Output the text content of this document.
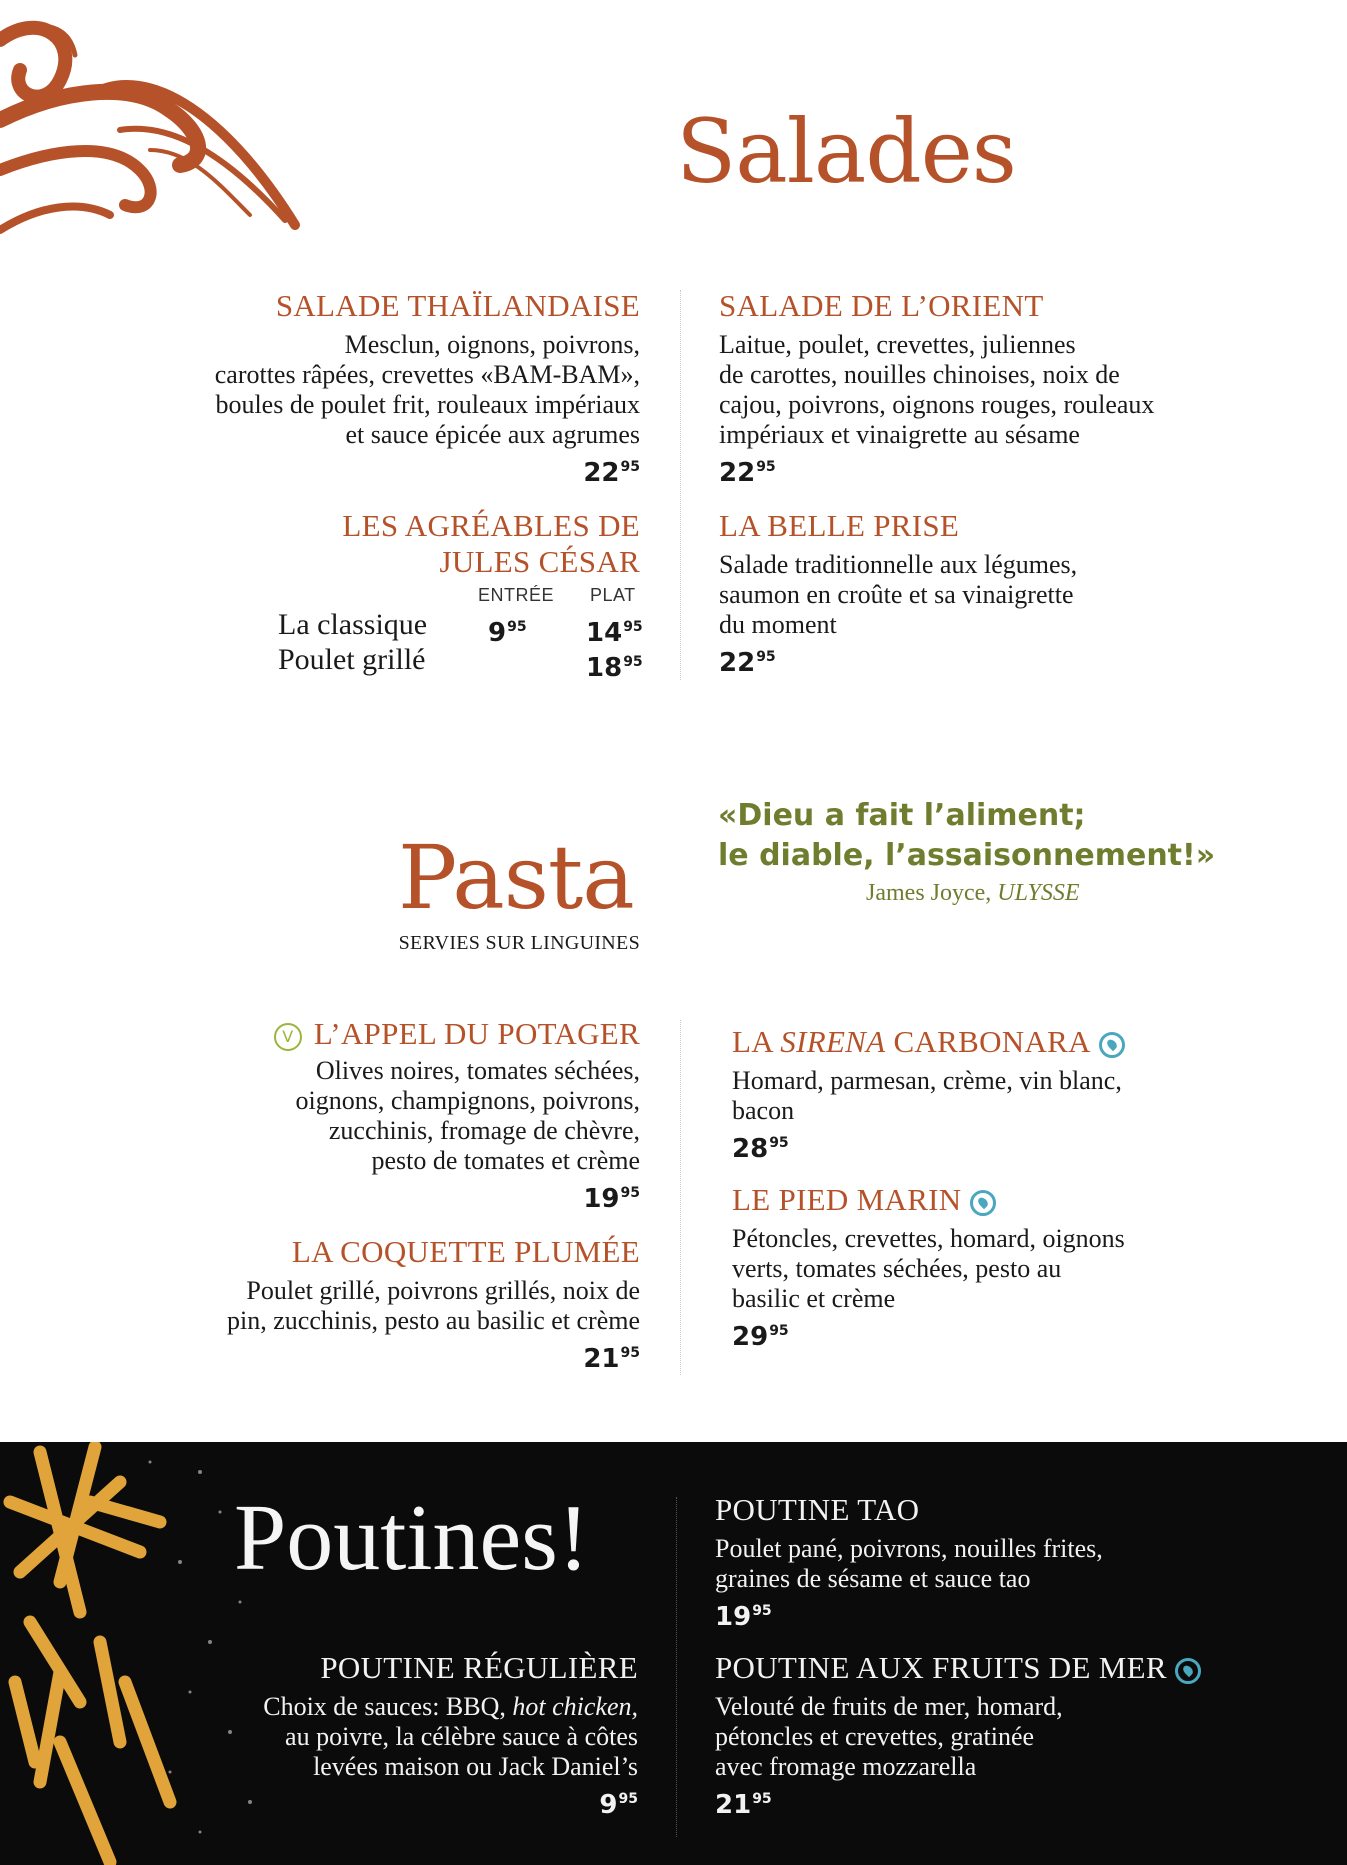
Salades
SALADE THAÏLANDAISE
Mesclun, oignons, poivrons,
carottes râpées, crevettes «BAM-BAM»,
boules de poulet frit, rouleaux impériaux
et sauce épicée aux agrumes
$22^{95}$
SALADE DE L’ORIENT
Laitue, poulet, crevettes, juliennes
de carottes, nouilles chinoises, noix de
cajou, poivrons, oignons rouges, rouleaux
impériaux et vinaigrette au sésame
$22^{95}$
LES AGRÉABLES DE
JULES CÉSAR
ENTRÉE PLAT
La classique $9^{95}$ $14^{95}$
Poulet grillé	$18^{95}$
LA BELLE PRISE
Salade traditionnelle aux légumes,
saumon en croûte et sa vinaigrette
du moment
$22^{95}$
«Dieu a fait l’aliment;
le diable, l’assaisonnement!»
James Joyce, ULYSSE
Pasta
SERVIES SUR LINGUINES
V L’APPEL DU POTAGER
Olives noires, tomates séchées,
oignons, champignons, poivrons,
zucchinis, fromage de chèvre,
pesto de tomates et crème
$19^{95}$
LA COQUETTE PLUMÉE
Poulet grillé, poivrons grillés, noix de
pin, zucchinis, pesto au basilic et crème
$21^{95}$
LA SIRENA CARBONARA
Homard, parmesan, crème, vin blanc,
bacon
$28^{95}$
LE PIED MARIN
Pétoncles, crevettes, homard, oignons
verts, tomates séchées, pesto au
basilic et crème
$29^{95}$
Poutines!
POUTINE RÉGULIÈRE
Choix de sauces: BBQ, hot chicken,
au poivre, la célèbre sauce à côtes
levées maison ou Jack Daniel’s
$9^{95}$
POUTINE TAO
Poulet pané, poivrons, nouilles frites,
graines de sésame et sauce tao
$19^{95}$
POUTINE AUX FRUITS DE MER
Velouté de fruits de mer, homard,
pétoncles et crevettes, gratinée
avec fromage mozzarella
$21^{95}$
